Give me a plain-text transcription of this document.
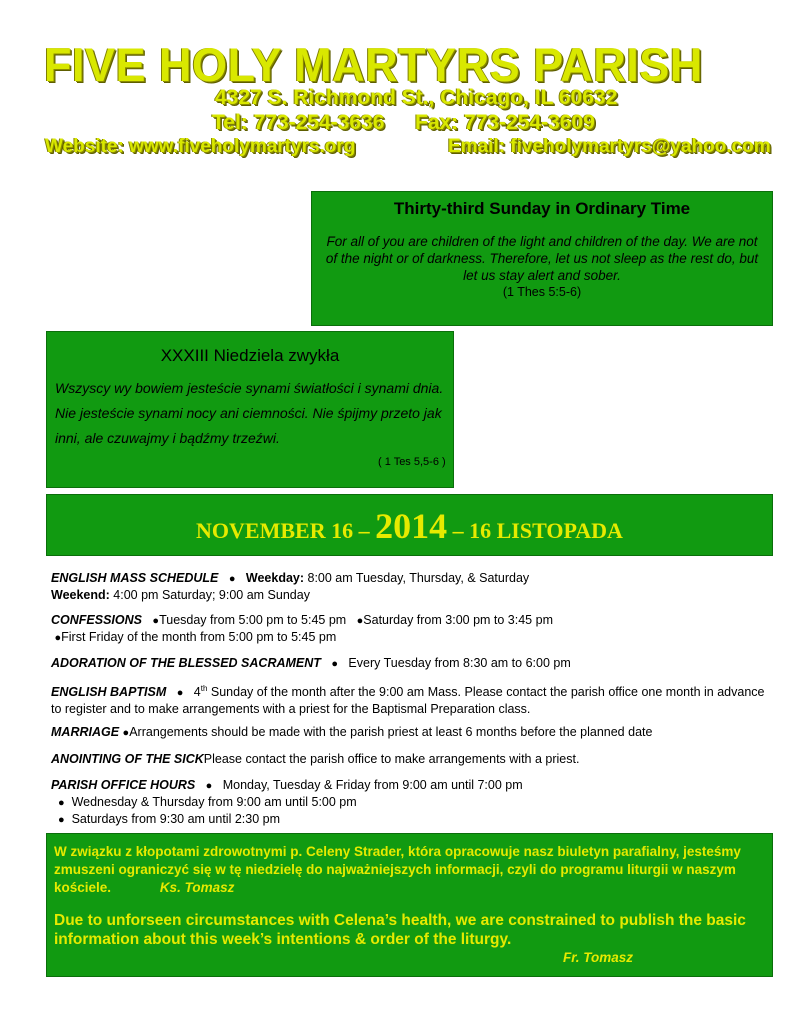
FIVE HOLY MARTYRS PARISH
4327 S. Richmond St., Chicago, IL 60632
Tel: 773-254-3636 Fax: 773-254-3609
Website: www.fiveholymartyrs.org	Email: fiveholymartyrs@yahoo.com
Thirty-third Sunday in Ordinary Time
For all of you are children of the light and children of the day. We are not of the night or of darkness. Therefore, let us not sleep as the rest do, but let us stay alert and sober.
(1 Thes 5:5-6)
XXXIII Niedziela zwykła
Wszyscy wy bowiem jesteście synami światłości i synami dnia. Nie jesteście synami nocy ani ciemności. Nie śpijmy przeto jak inni, ale czuwajmy i bądźmy trzeźwi.
( 1 Tes 5,5-6 )
NOVEMBER 16 – 2014 – 16 LISTOPADA
ENGLISH MASS SCHEDULE ● Weekday: 8:00 am Tuesday, Thursday, & Saturday
Weekend: 4:00 pm Saturday; 9:00 am Sunday
CONFESSIONS ●Tuesday from 5:00 pm to 5:45 pm ●Saturday from 3:00 pm to 3:45 pm
●First Friday of the month from 5:00 pm to 5:45 pm
ADORATION OF THE BLESSED SACRAMENT ● Every Tuesday from 8:30 am to 6:00 pm
ENGLISH BAPTISM ● 4th Sunday of the month after the 9:00 am Mass. Please contact the parish office one month in advance to register and to make arrangements with a priest for the Baptismal Preparation class.
MARRIAGE ●Arrangements should be made with the parish priest at least 6 months before the planned date
ANOINTING OF THE SICKPlease contact the parish office to make arrangements with a priest.
PARISH OFFICE HOURS ● Monday, Tuesday & Friday from 9:00 am until 7:00 pm
● Wednesday & Thursday from 9:00 am until 5:00 pm
● Saturdays from 9:30 am until 2:30 pm
W związku z kłopotami zdrowotnymi p. Celeny Strader, która opracowuje nasz biuletyn parafialny, jesteśmy zmuszeni ograniczyć się w tę niedzielę do najważniejszych informacji, czyli do programu liturgii w naszym kościele.	Ks. Tomasz
Due to unforseen circumstances with Celena’s health, we are constrained to publish the basic information about this week’s intentions & order of the liturgy.
Fr. Tomasz
